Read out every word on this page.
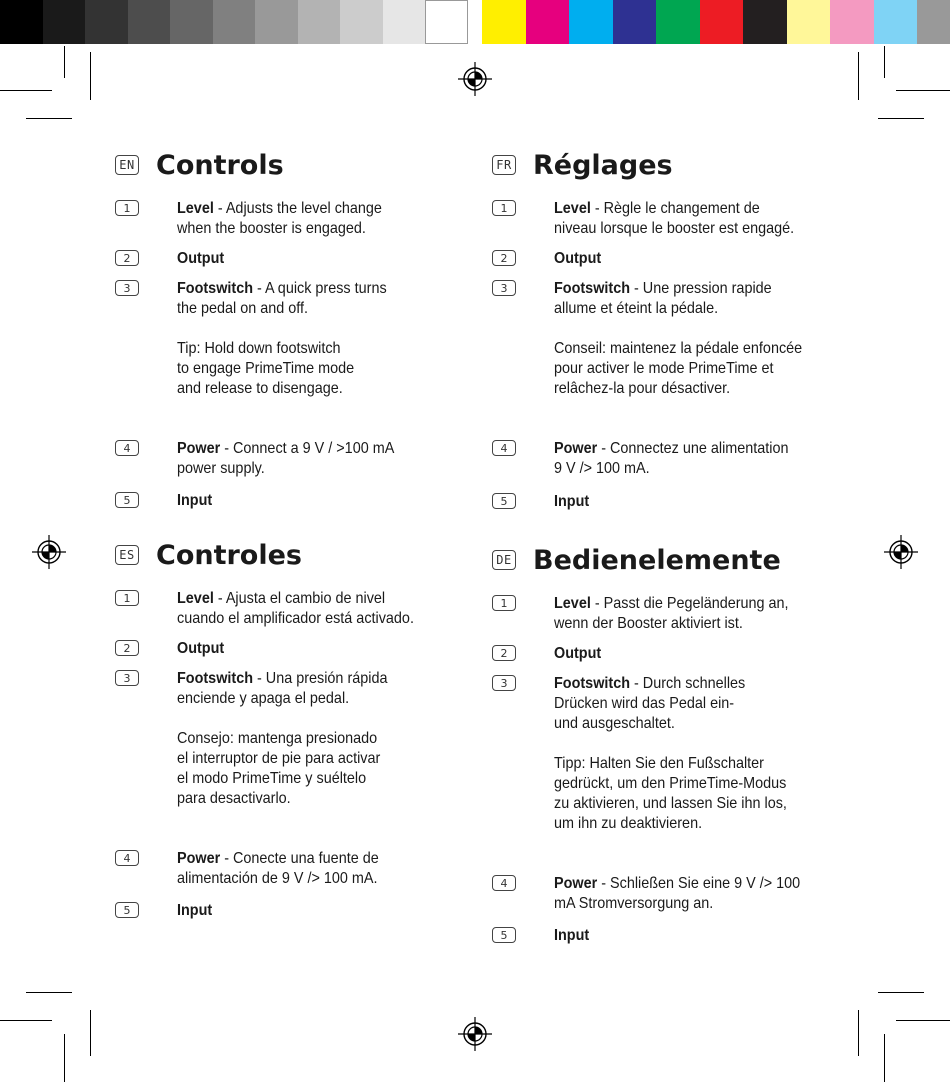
EN Controls
1	Level - Adjusts the level change
when the booster is engaged.
2	Output
3	Footswitch - A quick press turns
the pedal on and off.

Tip: Hold down footswitch
to engage PrimeTime mode
and release to disengage.
4	Power - Connect a 9 V / >100 mA
power supply.
5	Input
FR Réglages
1	Level - Règle le changement de
niveau lorsque le booster est engagé.
2	Output
3	Footswitch - Une pression rapide
allume et éteint la pédale.

Conseil: maintenez la pédale enfoncée
pour activer le mode PrimeTime et
relâchez-la pour désactiver.
4	Power - Connectez une alimentation
9 V /> 100 mA.
5	Input
ES Controles
1	Level - Ajusta el cambio de nivel
cuando el amplificador está activado.
2	Output
3	Footswitch - Una presión rápida
enciende y apaga el pedal.

Consejo: mantenga presionado
el interruptor de pie para activar
el modo PrimeTime y suéltelo
para desactivarlo.
4	Power - Conecte una fuente de
alimentación de 9 V /> 100 mA.
5	Input
DE Bedienelemente
1	Level - Passt die Pegeländerung an,
wenn der Booster aktiviert ist.
2	Output
3	Footswitch - Durch schnelles
Drücken wird das Pedal ein-
und ausgeschaltet.

Tipp: Halten Sie den Fußschalter
gedrückt, um den PrimeTime-Modus
zu aktivieren, und lassen Sie ihn los,
um ihn zu deaktivieren.
4	Power - Schließen Sie eine 9 V /> 100
mA Stromversorgung an.
5	Input
